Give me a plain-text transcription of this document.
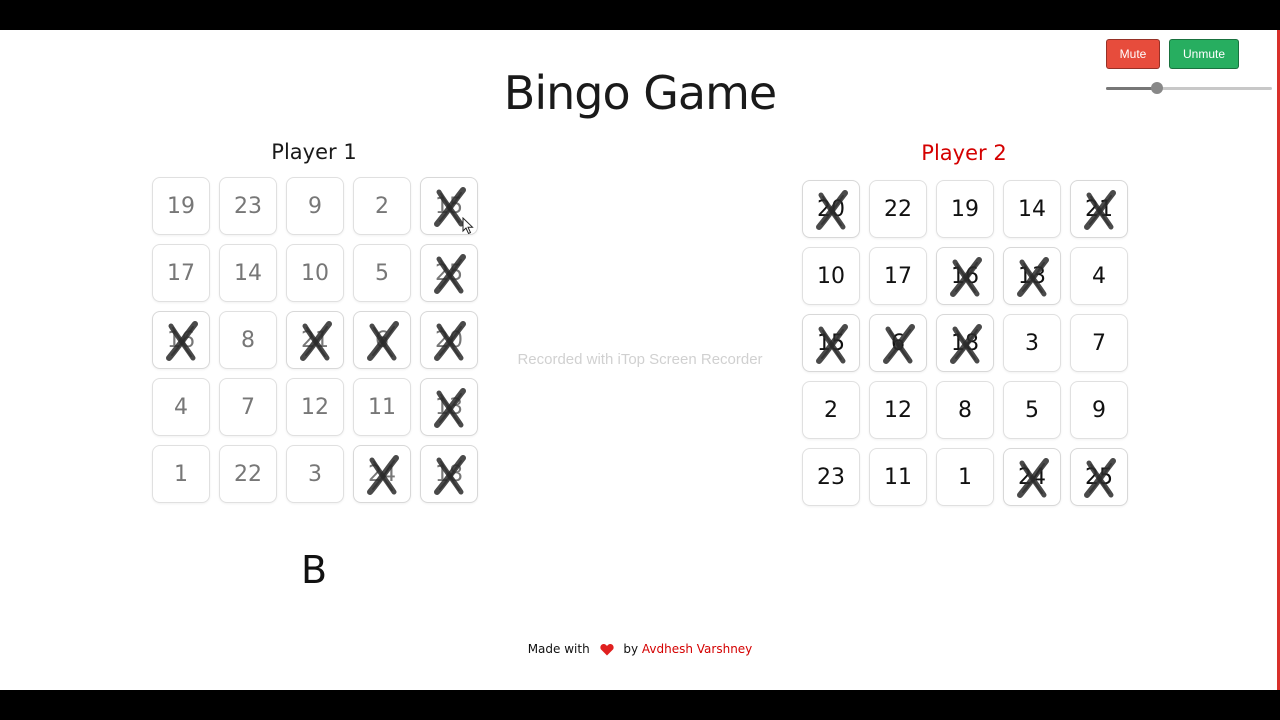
Mute	Unmute
Bingo Game
Player 1	Player 2
19 23 9 2 15
17 14 10 5 25
16 8 21 6 20
4 7 12 11 13
1 22 3 24 18
20 22 19 14 21
10 17 16 13 4
15 6 18 3 7
2 12 8 5 9
23 11 1 24 25
Recorded with iTop Screen Recorder
B
Made with	by Avdhesh Varshney
